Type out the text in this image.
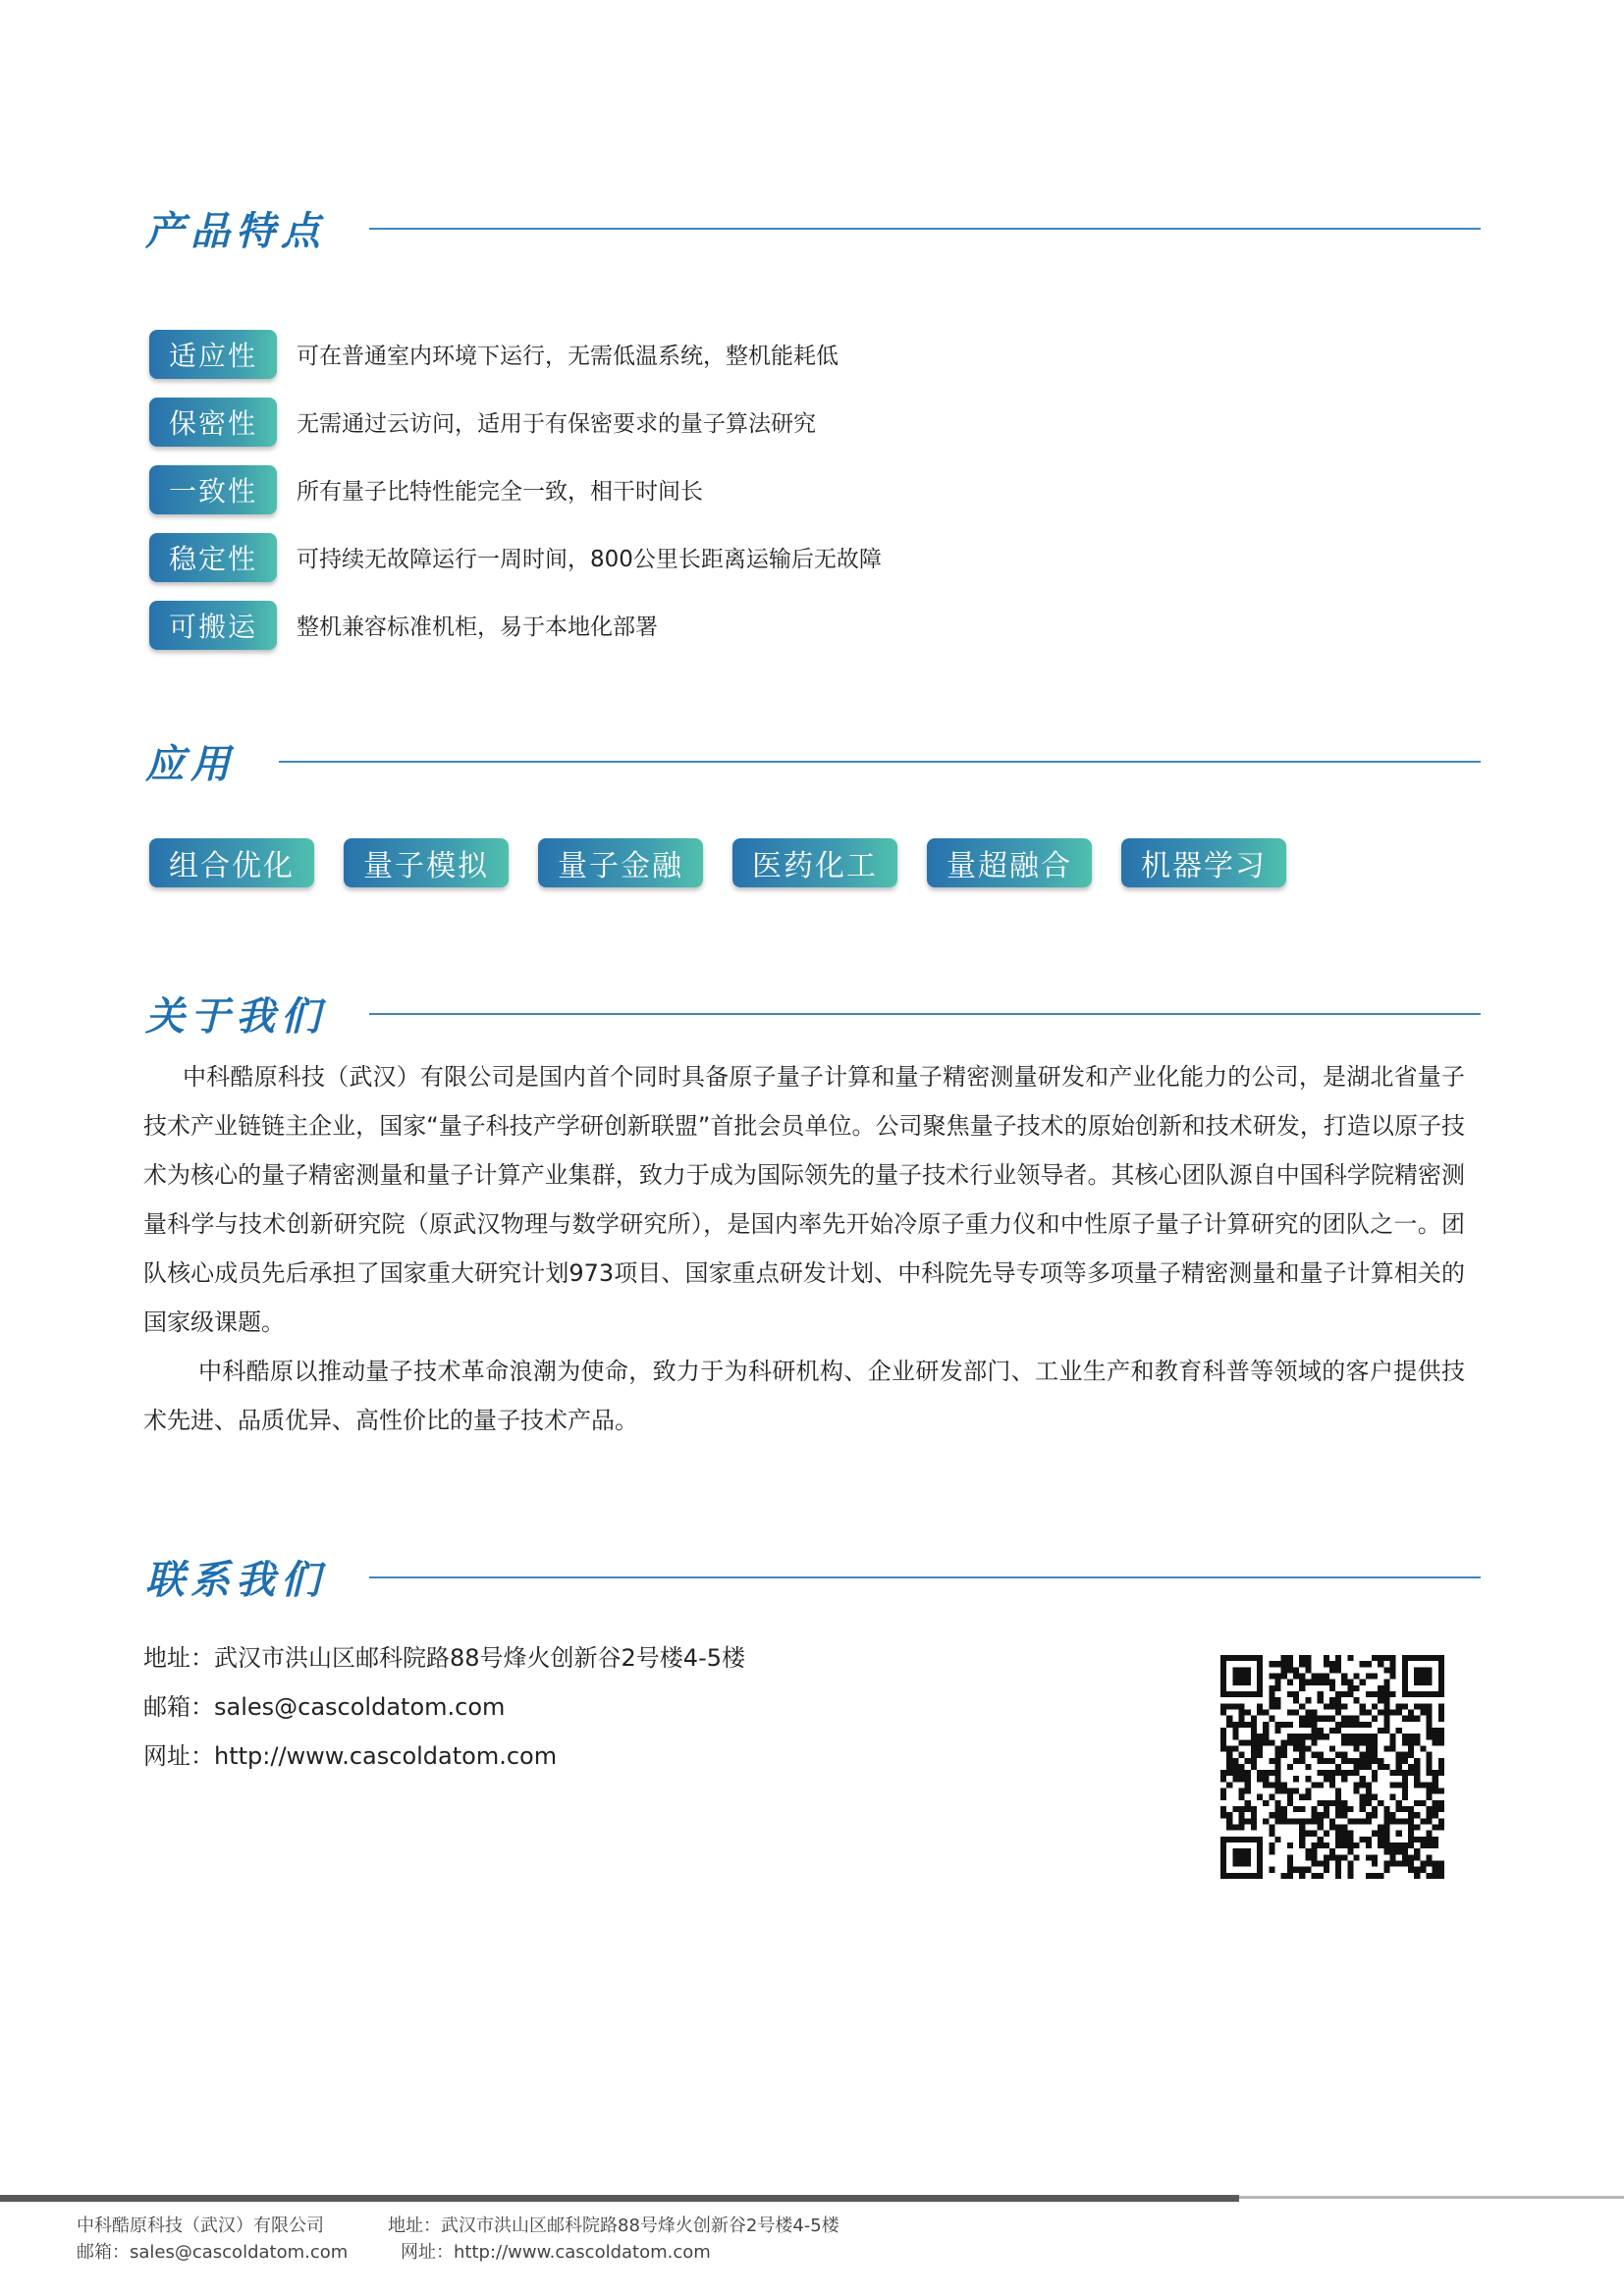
产品特点
适应性	可在普通室内环境下运行，无需低温系统，整机能耗低
保密性	无需通过云访问，适用于有保密要求的量子算法研究
一致性	所有量子比特性能完全一致，相干时间长
稳定性	可持续无故障运行一周时间，800公里长距离运输后无故障
可搬运	整机兼容标准机柜，易于本地化部署
应用
组合优化	量子模拟	量子金融	医药化工	量超融合	机器学习
关于我们

中科酷原科技（武汉）有限公司是国内首个同时具备原子量子计算和量子精密测量研发和产业化能力的公司，是湖北省量子技术产业链链主企业，国家“量子科技产学研创新联盟”首批会员单位。公司聚焦量子技术的原始创新和技术研发，打造以原子技术为核心的量子精密测量和量子计算产业集群，致力于成为国际领先的量子技术行业领导者。其核心团队源自中国科学院精密测量科学与技术创新研究院（原武汉物理与数学研究所），是国内率先开始冷原子重力仪和中性原子量子计算研究的团队之一。团队核心成员先后承担了国家重大研究计划973项目、国家重点研发计划、中科院先导专项等多项量子精密测量和量子计算相关的国家级课题。

中科酷原以推动量子技术革命浪潮为使命，致力于为科研机构、企业研发部门、工业生产和教育科普等领域的客户提供技术先进、品质优异、高性价比的量子技术产品。

联系我们
地址： 武汉市洪山区邮科院路88号烽火创新谷2号楼4-5楼
邮箱： sales@cascoldatom.com
网址： http://www.cascoldatom.com
中科酷原科技（武汉）有限公司	地址：武汉市洪山区邮科院路88号烽火创新谷2号楼4-5楼
邮箱：sales@cascoldatom.com	网址：http://www.cascoldatom.com
